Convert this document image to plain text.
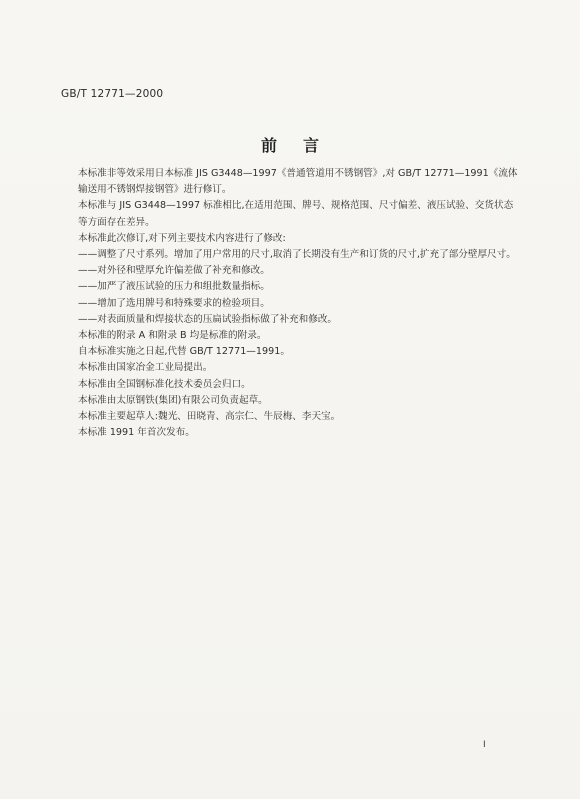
GB/T 12771—2000
前言

本标准非等效采用日本标准 JIS G3448—1997《普通管道用不锈钢管》,对 GB/T 12771—1991《流体输送用不锈钢焊接钢管》进行修订。

本标准与 JIS G3448—1997 标准相比,在适用范围、牌号、规格范围、尺寸偏差、液压试验、交货状态等方面存在差异。

本标准此次修订,对下列主要技术内容进行了修改:

——调整了尺寸系列。增加了用户常用的尺寸,取消了长期没有生产和订货的尺寸,扩充了部分壁厚尺寸。

——对外径和壁厚允许偏差做了补充和修改。

——加严了液压试验的压力和组批数量指标。

——增加了选用牌号和特殊要求的检验项目。

——对表面质量和焊接状态的压扁试验指标做了补充和修改。

本标准的附录 A 和附录 B 均是标准的附录。

自本标准实施之日起,代替 GB/T 12771—1991。

本标准由国家冶金工业局提出。

本标准由全国钢标准化技术委员会归口。

本标准由太原钢铁(集团)有限公司负责起草。

本标准主要起草人:魏光、田晓青、高宗仁、牛辰梅、李天宝。

本标准 1991 年首次发布。

I
